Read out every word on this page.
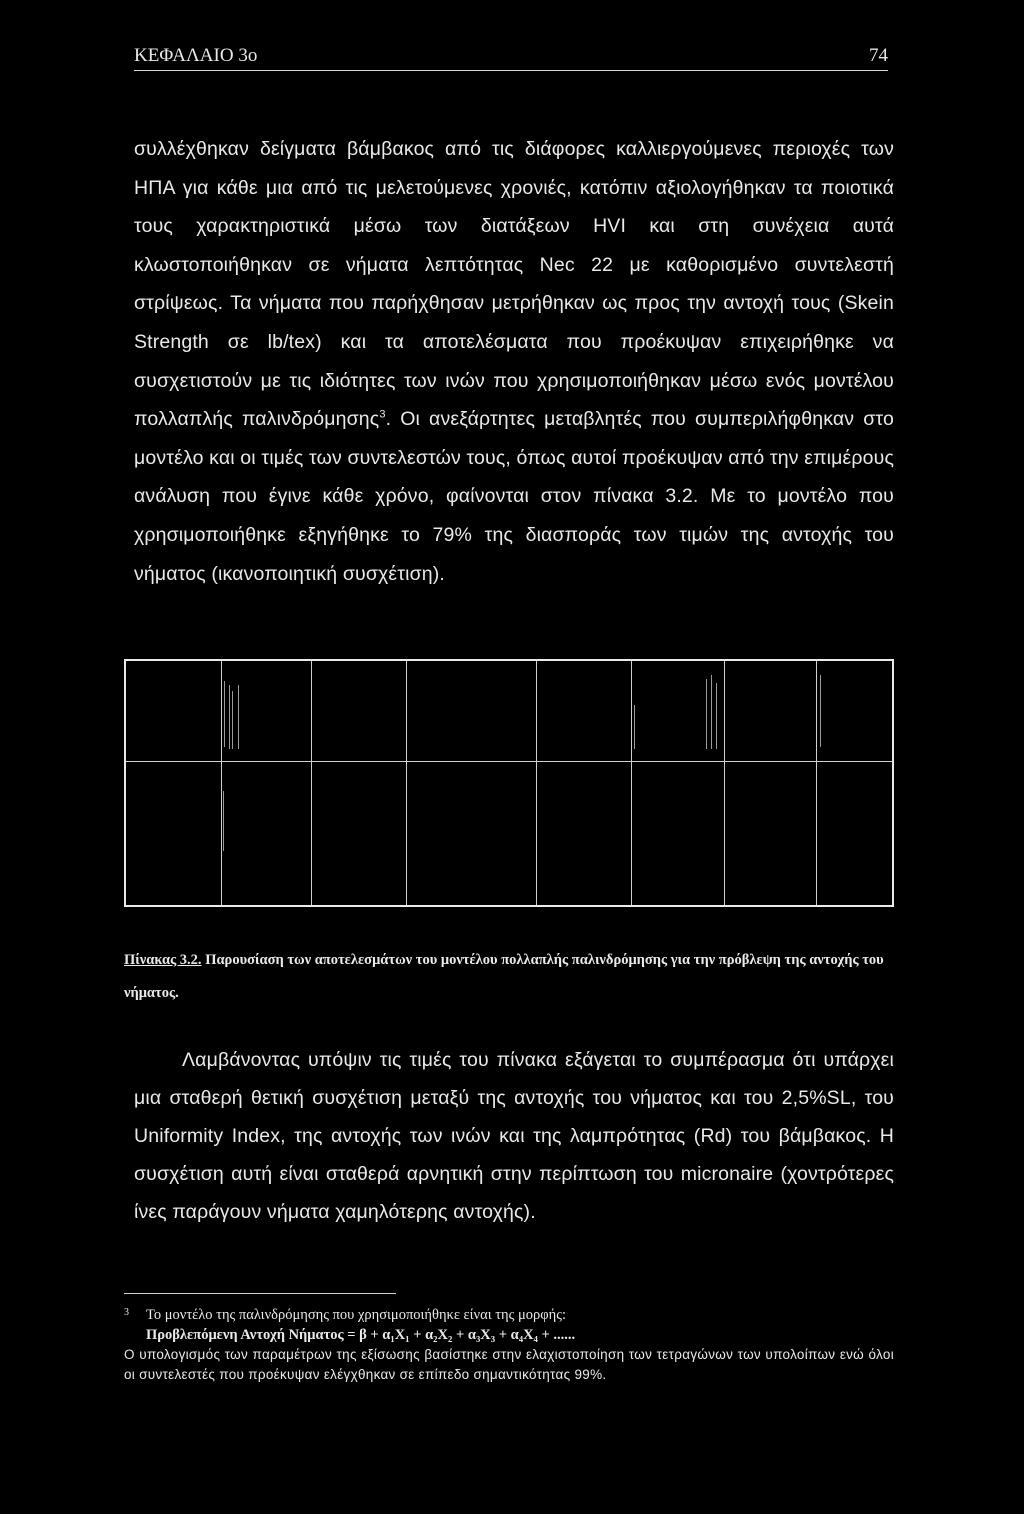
ΚΕΦΑΛΑΙΟ 3ο	74
συλλέχθηκαν δείγματα βάμβακος από τις διάφορες καλλιεργούμενες περιοχές των ΗΠΑ για κάθε μια από τις μελετούμενες χρονιές, κατόπιν αξιολογήθηκαν τα ποιοτικά τους χαρακτηριστικά μέσω των διατάξεων HVI και στη συνέχεια αυτά κλωστοποιήθηκαν σε νήματα λεπτότητας Nec 22 με καθορισμένο συντελεστή στρίψεως. Τα νήματα που παρήχθησαν μετρήθηκαν ως προς την αντοχή τους (Skein Strength σε lb/tex) και τα αποτελέσματα που προέκυψαν επιχειρήθηκε να συσχετιστούν με τις ιδιότητες των ινών που χρησιμοποιήθηκαν μέσω ενός μοντέλου πολλαπλής παλινδρόμησης$^3$. Οι ανεξάρτητες μεταβλητές που συμπεριλήφθηκαν στο μοντέλο και οι τιμές των συντελεστών τους, όπως αυτοί προέκυψαν από την επιμέρους ανάλυση που έγινε κάθε χρόνο, φαίνονται στον πίνακα 3.2. Με το μοντέλο που χρησιμοποιήθηκε εξηγήθηκε το 79% της διασποράς των τιμών της αντοχής του νήματος (ικανοποιητική συσχέτιση).
Πίνακας 3.2. Παρουσίαση των αποτελεσμάτων του μοντέλου πολλαπλής παλινδρόμησης για την πρόβλεψη της αντοχής του νήματος.
Λαμβάνοντας υπόψιν τις τιμές του πίνακα εξάγεται το συμπέρασμα ότι υπάρχει μια σταθερή θετική συσχέτιση μεταξύ της αντοχής του νήματος και του 2,5%SL, του Uniformity Index, της αντοχής των ινών και της λαμπρότητας (Rd) του βάμβακος. Η συσχέτιση αυτή είναι σταθερά αρνητική στην περίπτωση του micronaire (χοντρότερες ίνες παράγουν νήματα χαμηλότερης αντοχής).
3 Το μοντέλο της παλινδρόμησης που χρησιμοποιήθηκε είναι της μορφής:
Προβλεπόμενη Αντοχή Νήματος = β + α₁Χ₁ + α₂Χ₂ + α₃Χ₃ + α₄Χ₄ + ......
Ο υπολογισμός των παραμέτρων της εξίσωσης βασίστηκε στην ελαχιστοποίηση των τετραγώνων των υπολοίπων ενώ όλοι οι συντελεστές που προέκυψαν ελέγχθηκαν σε επίπεδο σημαντικότητας 99%.
